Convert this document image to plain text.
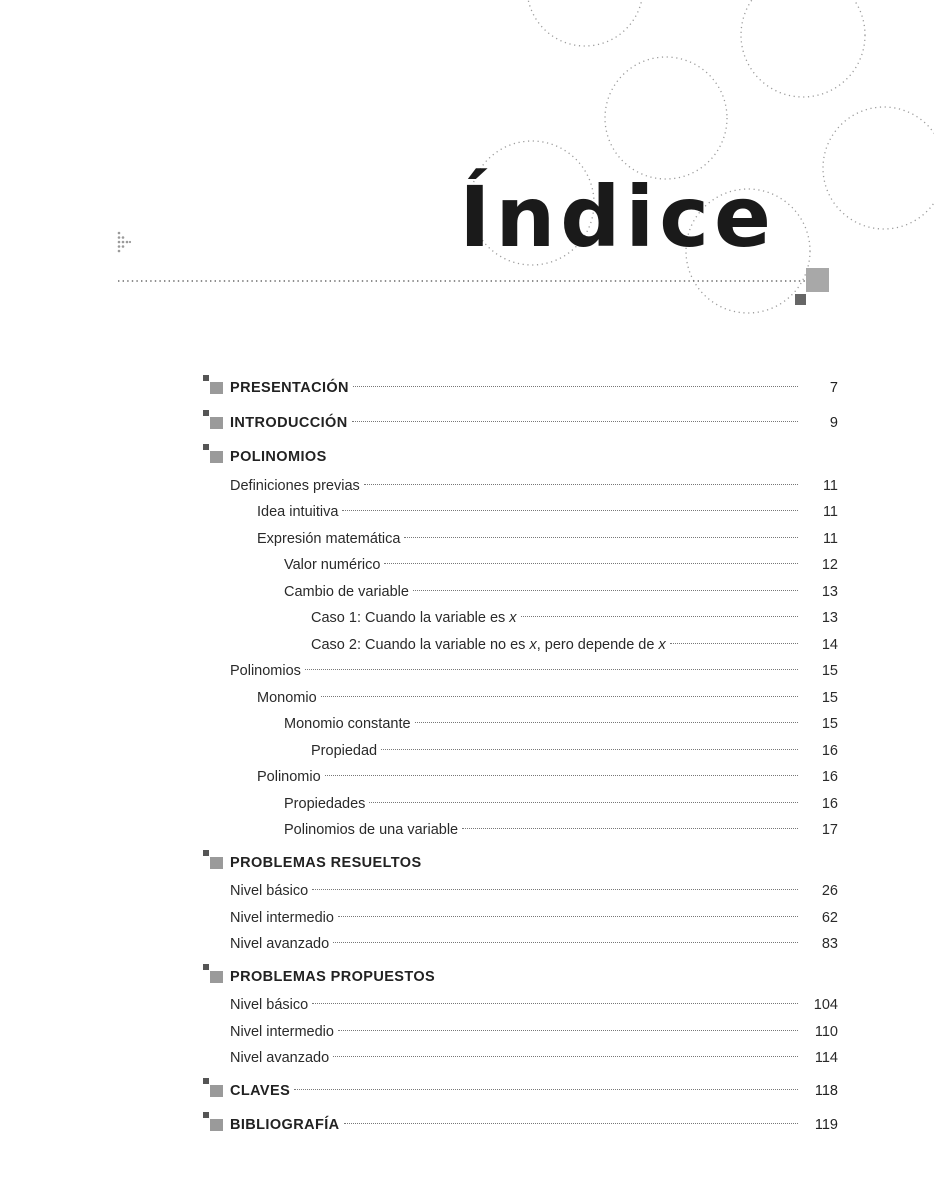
Índice
7
PRESENTACIÓN
9
INTRODUCCIÓN
POLINOMIOS
11
Definiciones previas
11
Idea intuitiva
11
Expresión matemática
12
Valor numérico
13
Cambio de variable
13
Caso 1: Cuando la variable es x
14
Caso 2: Cuando la variable no es x, pero depende de x
15
Polinomios
15
Monomio
15
Monomio constante
16
Propiedad
16
Polinomio
16
Propiedades
17
Polinomios de una variable
PROBLEMAS RESUELTOS
26
Nivel básico
62
Nivel intermedio
83
Nivel avanzado
PROBLEMAS PROPUESTOS
104
Nivel básico
110
Nivel intermedio
114
Nivel avanzado
118
CLAVES
119
BIBLIOGRAFÍA
